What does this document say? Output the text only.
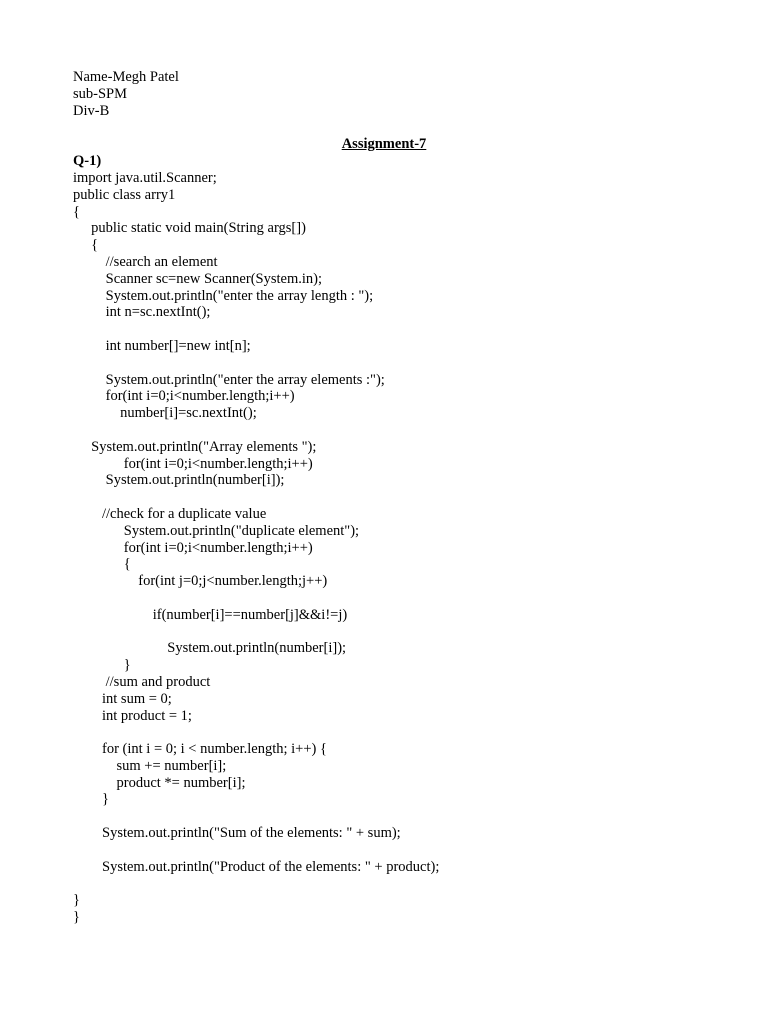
Name-Megh Patel
sub-SPM
Div-B
Assignment-7
Q-1)
import java.util.Scanner;
public class arry1
{
public static void main(String args[])
{
//search an element
Scanner sc=new Scanner(System.in);
System.out.println("enter the array length : ");
int n=sc.nextInt();
int number[]=new int[n];
System.out.println("enter the array elements :");
for(int i=0;i<number.length;i++)
number[i]=sc.nextInt();
System.out.println("Array elements ");
for(int i=0;i<number.length;i++)
System.out.println(number[i]);
//check for a duplicate value
System.out.println("duplicate element");
for(int i=0;i<number.length;i++)
{
for(int j=0;j<number.length;j++)
if(number[i]==number[j]&&i!=j)
System.out.println(number[i]);
}
//sum and product
int sum = 0;
int product = 1;
for (int i = 0; i < number.length; i++) {
sum += number[i];
product *= number[i];
}
System.out.println("Sum of the elements: " + sum);
System.out.println("Product of the elements: " + product);
}
}
